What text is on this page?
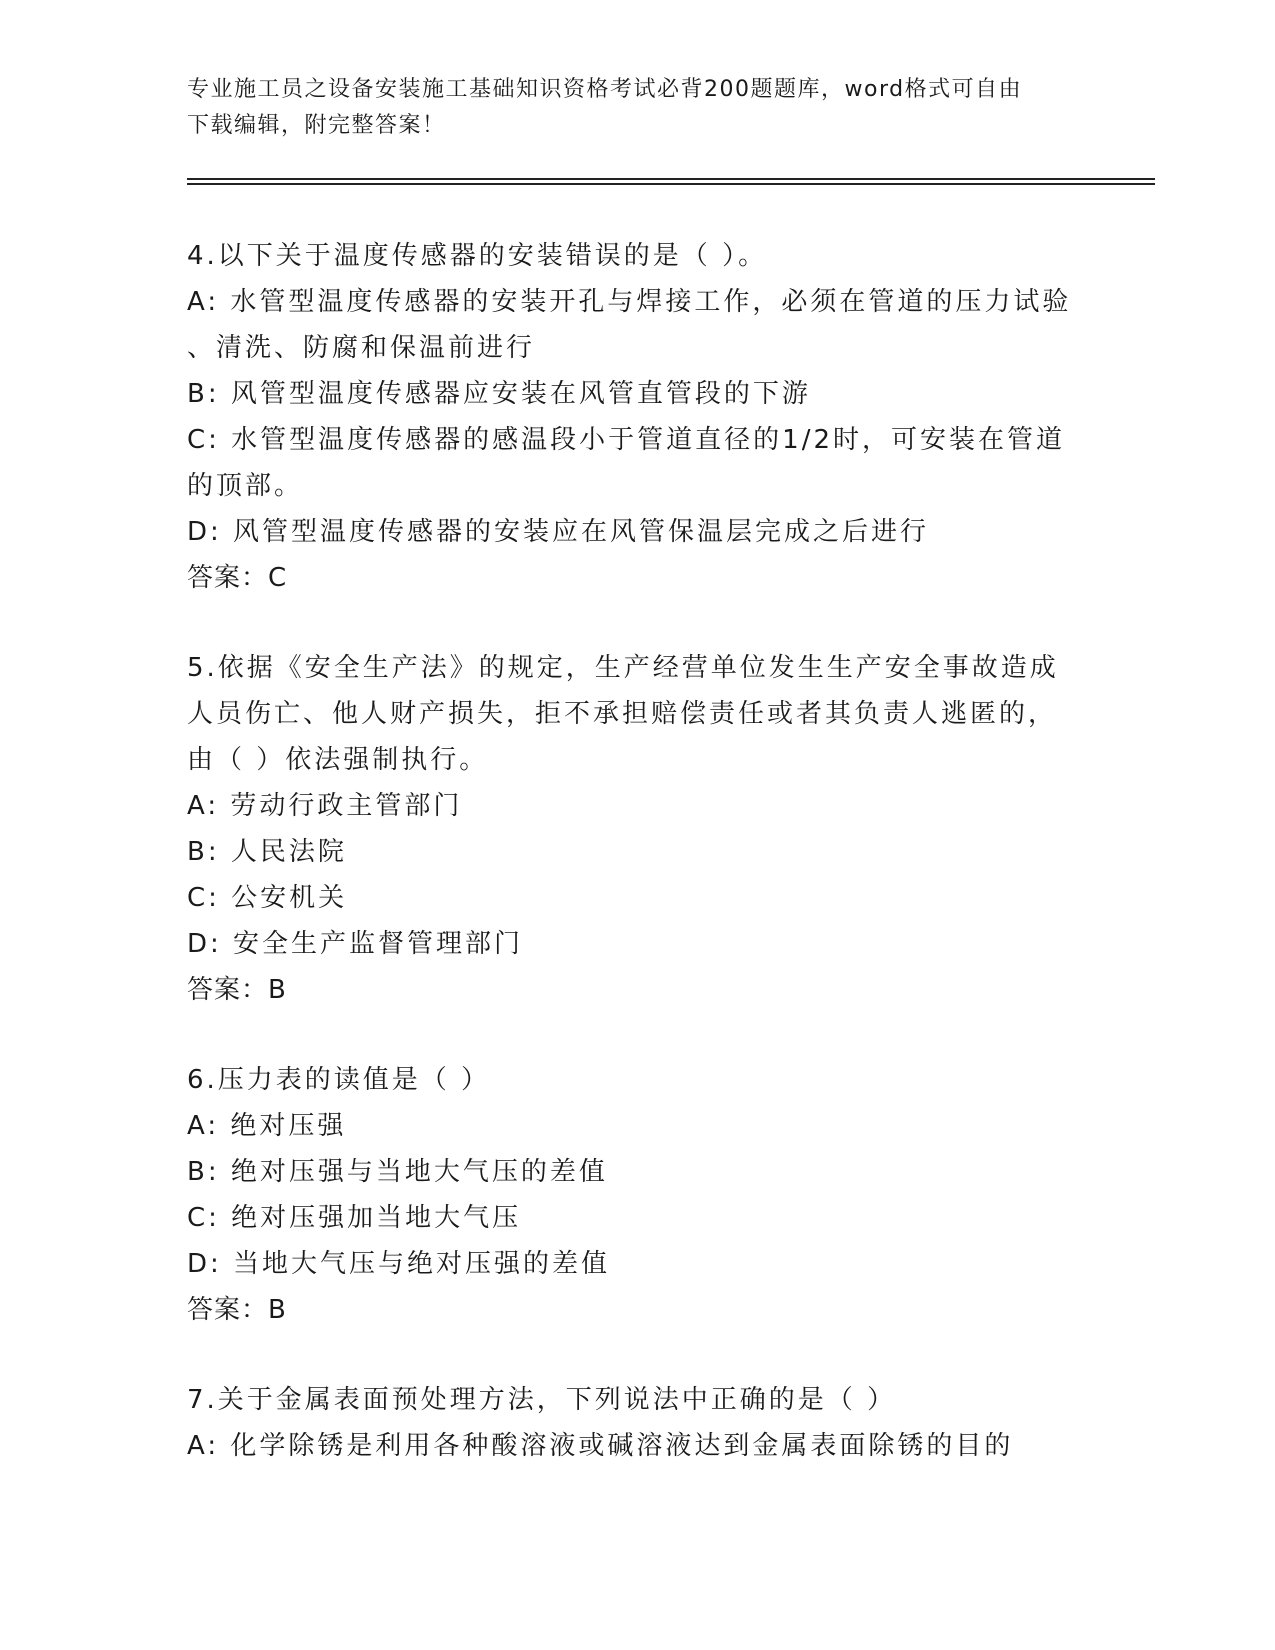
专业施工员之设备安装施工基础知识资格考试必背200题题库，word格式可自由
下载编辑，附完整答案！
4.以下关于温度传感器的安装错误的是（ ）。
A: 水管型温度传感器的安装开孔与焊接工作，必须在管道的压力试验
、清洗、防腐和保温前进行
B: 风管型温度传感器应安装在风管直管段的下游
C: 水管型温度传感器的感温段小于管道直径的1/2时，可安装在管道
的顶部。
D: 风管型温度传感器的安装应在风管保温层完成之后进行
答案：C
5.依据《安全生产法》的规定，生产经营单位发生生产安全事故造成
人员伤亡、他人财产损失，拒不承担赔偿责任或者其负责人逃匿的，
由（ ）依法强制执行。
A: 劳动行政主管部门
B: 人民法院
C: 公安机关
D: 安全生产监督管理部门
答案：B
6.压力表的读值是（ ）
A: 绝对压强
B: 绝对压强与当地大气压的差值
C: 绝对压强加当地大气压
D: 当地大气压与绝对压强的差值
答案：B
7.关于金属表面预处理方法，下列说法中正确的是（ ）
A: 化学除锈是利用各种酸溶液或碱溶液达到金属表面除锈的目的
